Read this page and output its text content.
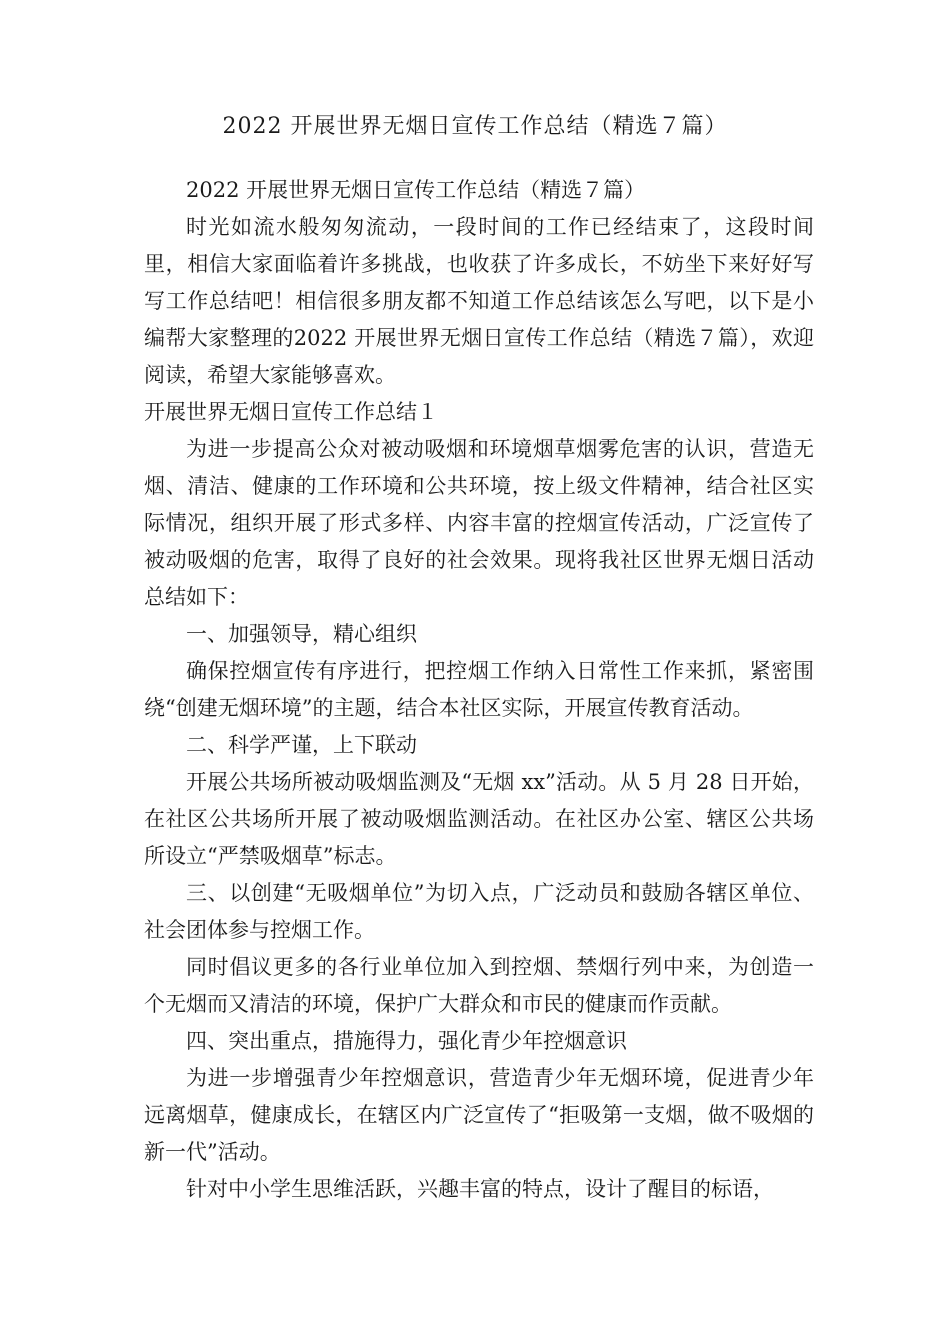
2022 开展世界无烟日宣传工作总结（精选７篇）

2022 开展世界无烟日宣传工作总结（精选７篇）

时光如流水般匆匆流动，一段时间的工作已经结束了，这段时间里，相信大家面临着许多挑战，也收获了许多成长，不妨坐下来好好写写工作总结吧！相信很多朋友都不知道工作总结该怎么写吧，以下是小编帮大家整理的2022 开展世界无烟日宣传工作总结（精选７篇），欢迎阅读，希望大家能够喜欢。

开展世界无烟日宣传工作总结１

为进一步提高公众对被动吸烟和环境烟草烟雾危害的认识，营造无烟、清洁、健康的工作环境和公共环境，按上级文件精神，结合社区实际情况，组织开展了形式多样、内容丰富的控烟宣传活动，广泛宣传了被动吸烟的危害，取得了良好的社会效果。现将我社区世界无烟日活动总结如下：

一、加强领导，精心组织

确保控烟宣传有序进行，把控烟工作纳入日常性工作来抓，紧密围绕“创建无烟环境”的主题，结合本社区实际，开展宣传教育活动。

二、科学严谨，上下联动

开展公共场所被动吸烟监测及“无烟 xx”活动。从 5 月 28 日开始，在社区公共场所开展了被动吸烟监测活动。在社区办公室、辖区公共场所设立“严禁吸烟草”标志。

三、以创建“无吸烟单位”为切入点，广泛动员和鼓励各辖区单位、社会团体参与控烟工作。

同时倡议更多的各行业单位加入到控烟、禁烟行列中来，为创造一个无烟而又清洁的环境，保护广大群众和市民的健康而作贡献。

四、突出重点，措施得力，强化青少年控烟意识

为进一步增强青少年控烟意识，营造青少年无烟环境，促进青少年远离烟草，健康成长，在辖区内广泛宣传了“拒吸第一支烟，做不吸烟的新一代”活动。

针对中小学生思维活跃，兴趣丰富的特点，设计了醒目的标语，
